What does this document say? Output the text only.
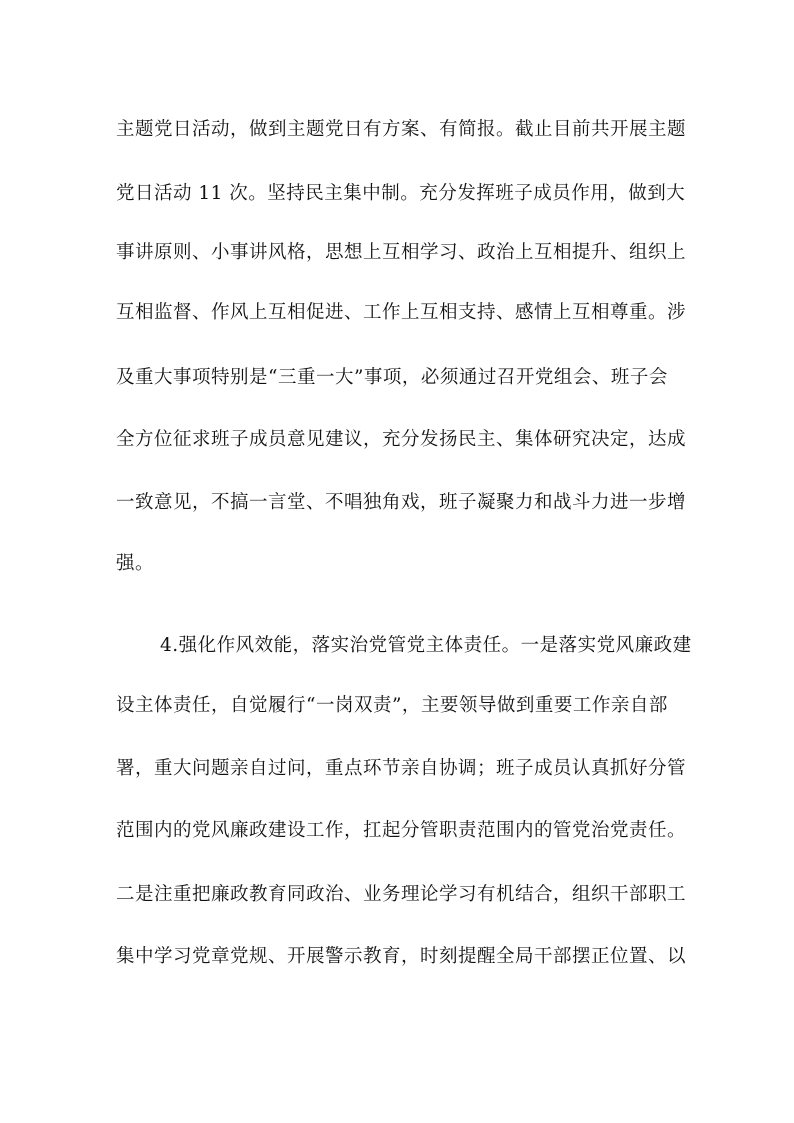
主题党日活动，做到主题党日有方案、有简报。截止目前共开展主题
党日活动 11 次。坚持民主集中制。充分发挥班子成员作用，做到大
事讲原则、小事讲风格，思想上互相学习、政治上互相提升、组织上
互相监督、作风上互相促进、工作上互相支持、感情上互相尊重。涉
及重大事项特别是“三重一大”事项，必须通过召开党组会、班子会
全方位征求班子成员意见建议，充分发扬民主、集体研究决定，达成
一致意见，不搞一言堂、不唱独角戏，班子凝聚力和战斗力进一步增
强。
4.强化作风效能，落实治党管党主体责任。一是落实党风廉政建
设主体责任，自觉履行“一岗双责”，主要领导做到重要工作亲自部
署，重大问题亲自过问，重点环节亲自协调；班子成员认真抓好分管
范围内的党风廉政建设工作，扛起分管职责范围内的管党治党责任。
二是注重把廉政教育同政治、业务理论学习有机结合，组织干部职工
集中学习党章党规、开展警示教育，时刻提醒全局干部摆正位置、以
